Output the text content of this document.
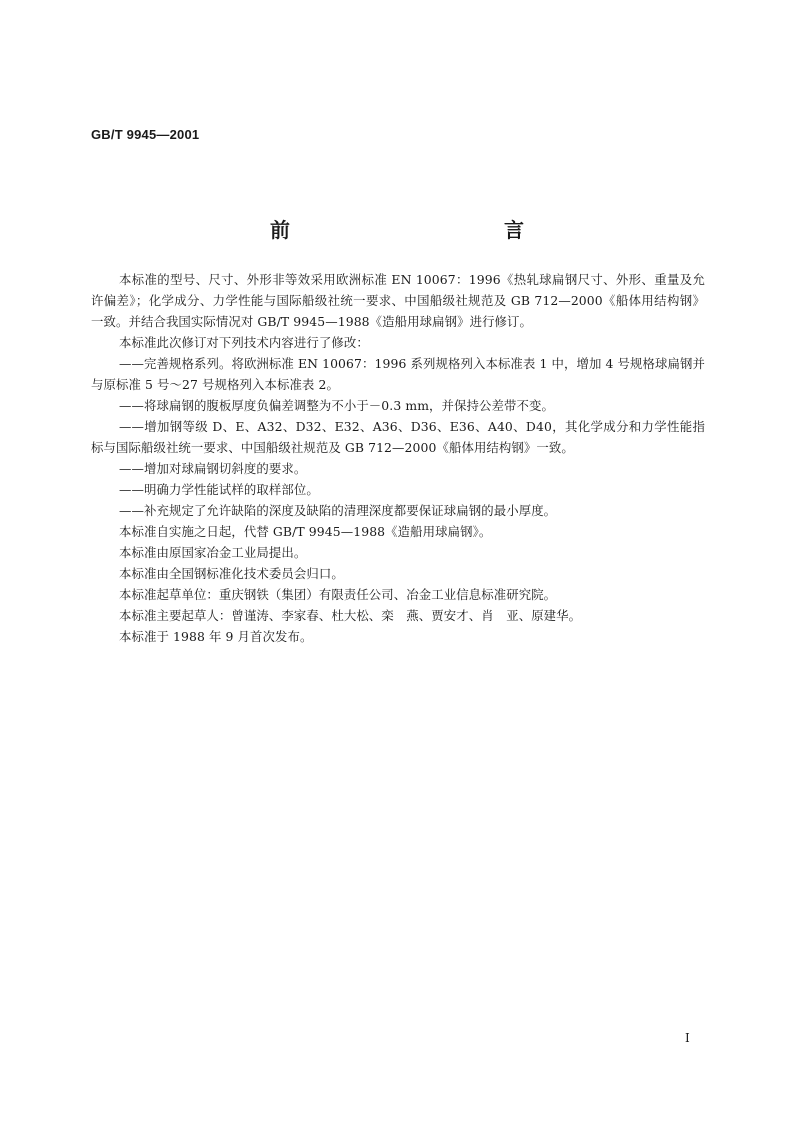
GB/T 9945—2001
前　　言

本标准的型号、尺寸、外形非等效采用欧洲标准 EN 10067：1996《热轧球扁钢尺寸、外形、重量及允许偏差》；化学成分、力学性能与国际船级社统一要求、中国船级社规范及 GB 712—2000《船体用结构钢》一致。并结合我国实际情况对 GB/T 9945—1988《造船用球扁钢》进行修订。

本标准此次修订对下列技术内容进行了修改：

——完善规格系列。将欧洲标准 EN 10067：1996 系列规格列入本标准表 1 中，增加 4 号规格球扁钢并与原标准 5 号～27 号规格列入本标准表 2。

——将球扁钢的腹板厚度负偏差调整为不小于－0.3 mm，并保持公差带不变。

——增加钢等级 D、E、A32、D32、E32、A36、D36、E36、A40、D40，其化学成分和力学性能指标与国际船级社统一要求、中国船级社规范及 GB 712—2000《船体用结构钢》一致。

——增加对球扁钢切斜度的要求。

——明确力学性能试样的取样部位。

——补充规定了允许缺陷的深度及缺陷的清理深度都要保证球扁钢的最小厚度。

本标准自实施之日起，代替 GB/T 9945—1988《造船用球扁钢》。

本标准由原国家冶金工业局提出。

本标准由全国钢标准化技术委员会归口。

本标准起草单位：重庆钢铁（集团）有限责任公司、冶金工业信息标准研究院。

本标准主要起草人：曾谨涛、李家春、杜大松、栾　燕、贾安才、肖　亚、原建华。

本标准于 1988 年 9 月首次发布。

I
